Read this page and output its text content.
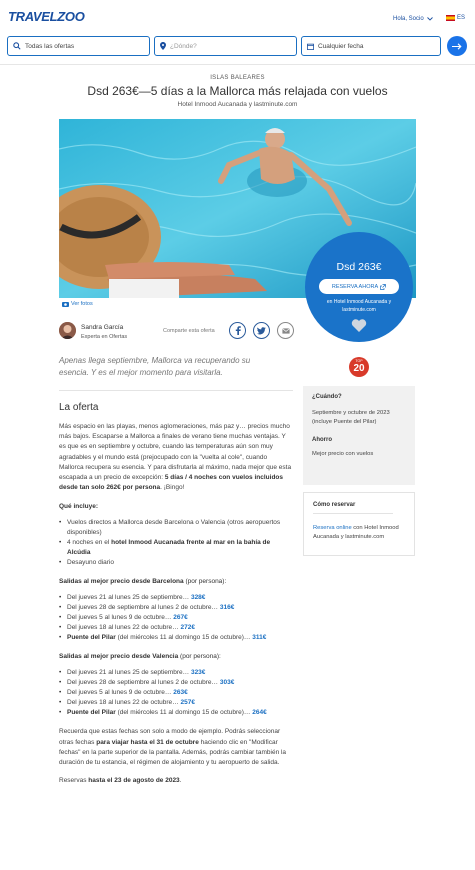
TRAVELZOO	Hola, Socio	ES
Todas las ofertas	¿Dónde?	Cualquier fecha
ISLAS BALEARES
Dsd 263€—5 días a la Mallorca más relajada con vuelos
Hotel Inmood Aucanada y lastminute.com
Ver fotos
Dsd 263€
RESERVA AHORA
en Hotel Inmood Aucanada y lastminute.com
Sandra García
Experta en Ofertas
Comparte esta oferta
Apenas llega septiembre, Mallorca va recuperando su esencia. Y es el mejor momento para visitarla.
TOP
20
La oferta

Más espacio en las playas, menos aglomeraciones, más paz y… precios mucho más bajos. Escaparse a Mallorca a finales de verano tiene muchas ventajas. Y es que es en septiembre y octubre, cuando las temperaturas aún son muy agradables y el mundo está (prejocupado con la "vuelta al cole", cuando Mallorca recupera su esencia. Y para disfrutarla al máximo, nada mejor que esta escapada a un precio de excepción: 5 días / 4 noches con vuelos incluidos desde tan solo 262€ por persona. ¡Bingo!

Qué incluye:
• Vuelos directos a Mallorca desde Barcelona o Valencia (otros aeropuertos disponibles)
• 4 noches en el hotel Inmood Aucanada frente al mar en la bahía de Alcúdia
• Desayuno diario
Salidas al mejor precio desde Barcelona (por persona):
• Del jueves 21 al lunes 25 de septiembre… 328€
• Del jueves 28 de septiembre al lunes 2 de octubre… 316€
• Del jueves 5 al lunes 9 de octubre… 267€
• Del jueves 18 al lunes 22 de octubre… 272€
• Puente del Pilar (del miércoles 11 al domingo 15 de octubre)… 311€
Salidas al mejor precio desde Valencia (por persona):
• Del jueves 21 al lunes 25 de septiembre… 323€
• Del jueves 28 de septiembre al lunes 2 de octubre… 303€
• Del jueves 5 al lunes 9 de octubre… 263€
• Del jueves 18 al lunes 22 de octubre… 257€
• Puente del Pilar (del miércoles 11 al domingo 15 de octubre)… 264€

Recuerda que estas fechas son solo a modo de ejemplo. Podrás seleccionar otras fechas para viajar hasta el 31 de octubre haciendo clic en "Modificar fechas" en la parte superior de la pantalla. Además, podrás cambiar también la duración de tu estancia, el régimen de alojamiento y tu aeropuerto de salida.

Reservas hasta el 23 de agosto de 2023.

¿Cuándo?
Septiembre y octubre de 2023 (incluye Puente del Pilar)
Ahorro
Mejor precio con vuelos
Cómo reservar
Reserva online con Hotel Inmood Aucanada y lastminute.com
